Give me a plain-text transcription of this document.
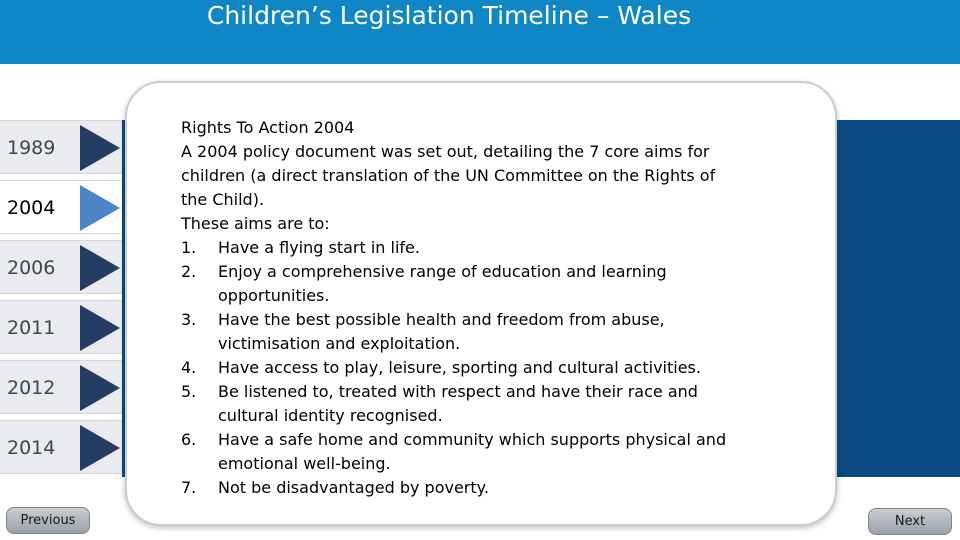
Children’s Legislation Timeline – Wales
1989
2004
2006
2011
2012
2014
Rights To Action 2004
A 2004 policy document was set out, detailing the 7 core aims for children (a direct translation of the UN Committee on the Rights of the Child).
These aims are to:
1. Have a flying start in life.
2. Enjoy a comprehensive range of education and learning opportunities.
3. Have the best possible health and freedom from abuse, victimisation and exploitation.
4. Have access to play, leisure, sporting and cultural activities.
5. Be listened to, treated with respect and have their race and cultural identity recognised.
6. Have a safe home and community which supports physical and emotional well-being.
7. Not be disadvantaged by poverty.
Previous	Next
